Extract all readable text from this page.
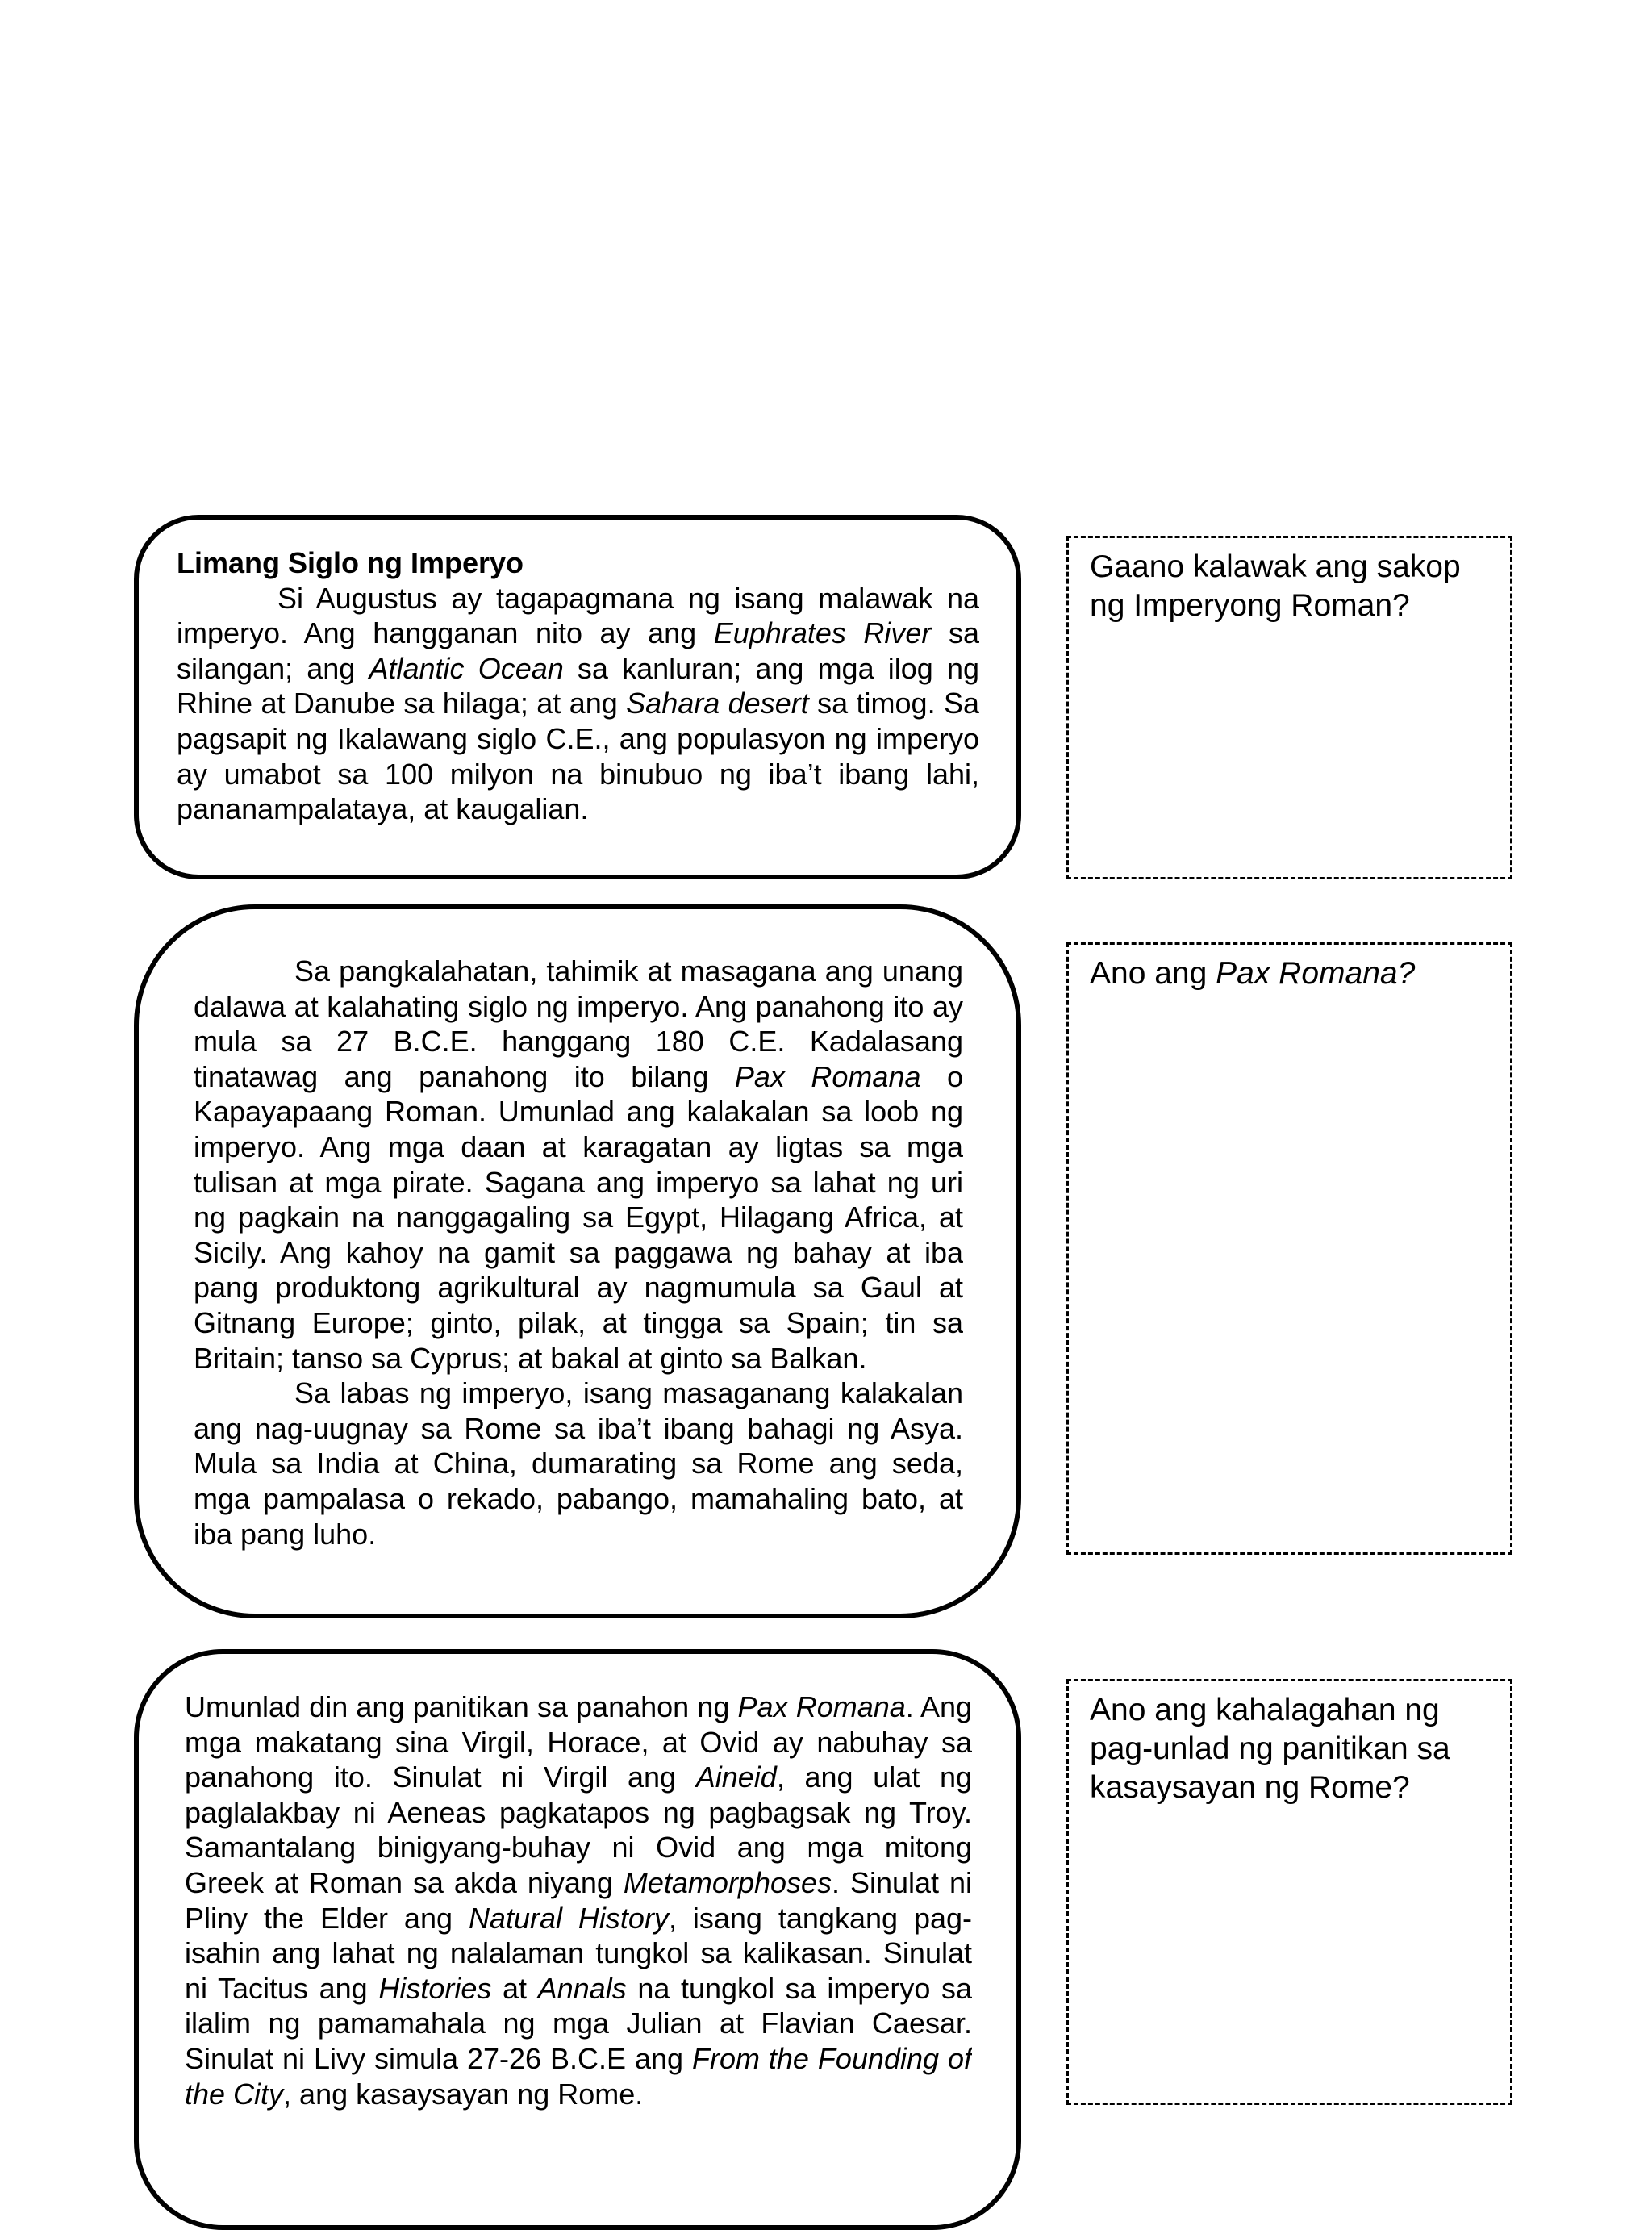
Limang Siglo ng Imperyo

Si Augustus ay tagapagmana ng isang malawak na imperyo. Ang hangganan nito ay ang Euphrates River sa silangan; ang Atlantic Ocean sa kanluran; ang mga ilog ng Rhine at Danube sa hilaga; at ang Sahara desert sa timog. Sa pagsapit ng Ikalawang siglo C.E., ang populasyon ng imperyo ay umabot sa 100 milyon na binubuo ng iba’t ibang lahi, pananampalataya, at kaugalian.

Gaano kalawak ang sakop ng Imperyong Roman?

Sa pangkalahatan, tahimik at masagana ang unang dalawa at kalahating siglo ng imperyo. Ang panahong ito ay mula sa 27 B.C.E. hanggang 180 C.E. Kadalasang tinatawag ang panahong ito bilang Pax Romana o Kapayapaang Roman. Umunlad ang kalakalan sa loob ng imperyo. Ang mga daan at karagatan ay ligtas sa mga tulisan at mga pirate. Sagana ang imperyo sa lahat ng uri ng pagkain na nanggagaling sa Egypt, Hilagang Africa, at Sicily. Ang kahoy na gamit sa paggawa ng bahay at iba pang produktong agrikultural ay nagmumula sa Gaul at Gitnang Europe; ginto, pilak, at tingga sa Spain; tin sa Britain; tanso sa Cyprus; at bakal at ginto sa Balkan.

Sa labas ng imperyo, isang masaganang kalakalan ang nag-uugnay sa Rome sa iba’t ibang bahagi ng Asya. Mula sa India at China, dumarating sa Rome ang seda, mga pampalasa o rekado, pabango, mamahaling bato, at iba pang luho.

Ano ang Pax Romana?

Umunlad din ang panitikan sa panahon ng Pax Romana. Ang mga makatang sina Virgil, Horace, at Ovid ay nabuhay sa panahong ito. Sinulat ni Virgil ang Aineid, ang ulat ng paglalakbay ni Aeneas pagkatapos ng pagbagsak ng Troy. Samantalang binigyang-buhay ni Ovid ang mga mitong Greek at Roman sa akda niyang Metamorphoses. Sinulat ni Pliny the Elder ang Natural History, isang tangkang pag-isahin ang lahat ng nalalaman tungkol sa kalikasan. Sinulat ni Tacitus ang Histories at Annals na tungkol sa imperyo sa ilalim ng pamamahala ng mga Julian at Flavian Caesar. Sinulat ni Livy simula 27-26 B.C.E ang From the Founding of the City, ang kasaysayan ng Rome.

Ano ang kahalagahan ng pag-unlad ng panitikan sa kasaysayan ng Rome?
